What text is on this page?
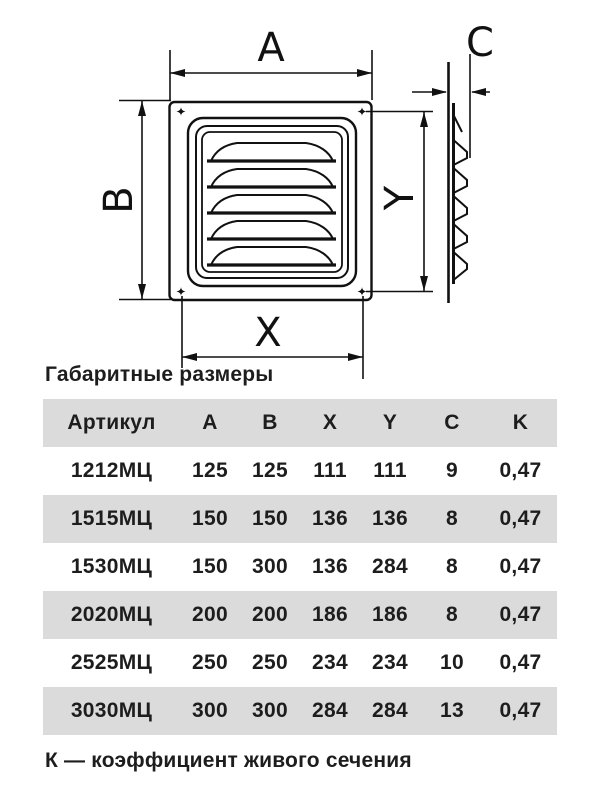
A
B
X
Y
C
Габаритные размеры
Артикул	A	B	X	Y	C	K
1212МЦ	125	125	111	111	9	0,47
1515МЦ	150	150	136	136	8	0,47
1530МЦ	150	300	136	284	8	0,47
2020МЦ	200	200	186	186	8	0,47
2525МЦ	250	250	234	234	10	0,47
3030МЦ	300	300	284	284	13	0,47
К — коэффициент живого сечения
